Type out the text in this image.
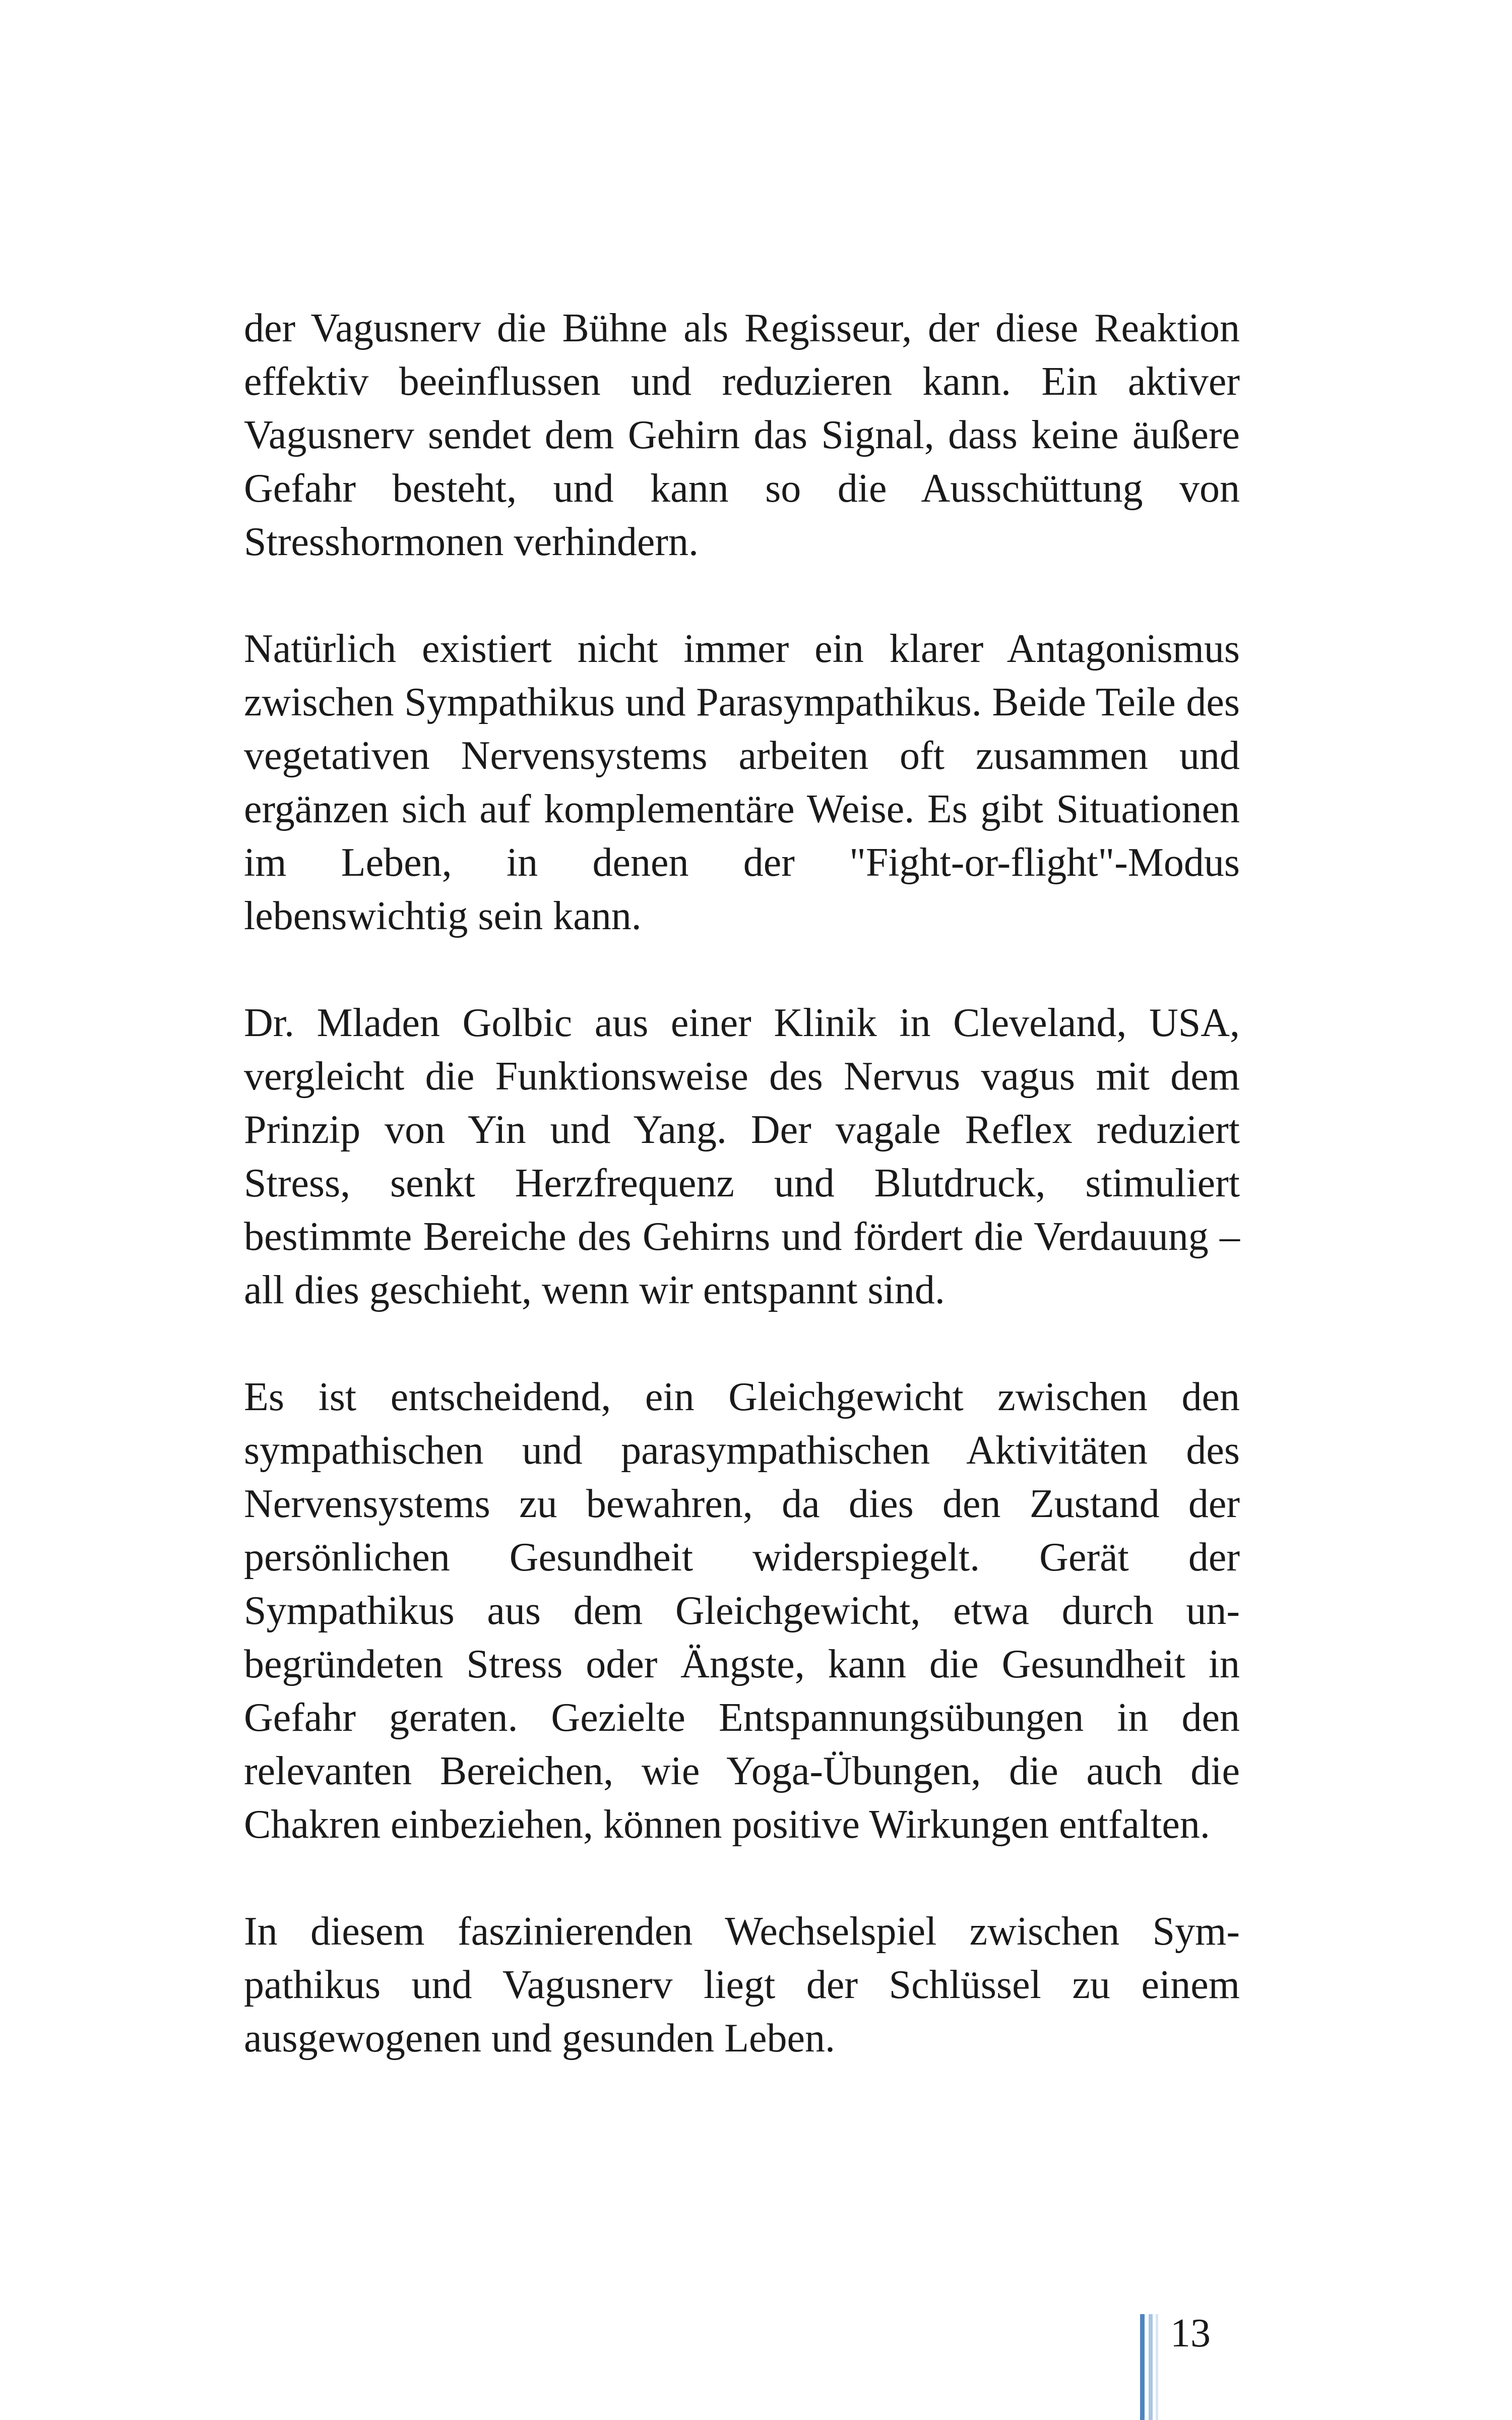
der Vagusnerv die Bühne als Regisseur, der diese Reaktion effektiv beeinflussen und reduzieren kann. Ein aktiver Vagusnerv sendet dem Gehirn das Signal, dass keine äußere Gefahr besteht, und kann so die Ausschüttung von Stresshormonen verhindern.

Natürlich existiert nicht immer ein klarer Antagonismus zwischen Sympathikus und Parasympathikus. Beide Teile des vegetativen Nervensystems arbeiten oft zusammen und ergänzen sich auf komplementäre Weise. Es gibt Situationen im Leben, in denen der "Fight-or-flight"-Modus lebenswichtig sein kann.

Dr. Mladen Golbic aus einer Klinik in Cleveland, USA, vergleicht die Funktionsweise des Nervus vagus mit dem Prinzip von Yin und Yang. Der vagale Reflex reduziert Stress, senkt Herzfrequenz und Blutdruck, stimuliert bestimmte Bereiche des Gehirns und fördert die Verdauung – all dies geschieht, wenn wir entspannt sind.

Es ist entscheidend, ein Gleichgewicht zwischen den sympathischen und parasympathischen Aktivitäten des Nervensystems zu bewahren, da dies den Zustand der persönlichen Gesundheit widerspiegelt. Gerät der Sympathikus aus dem Gleichgewicht, etwa durch unbegründeten Stress oder Ängste, kann die Gesundheit in Gefahr geraten. Gezielte Entspannungsübungen in den relevanten Bereichen, wie Yoga-Übungen, die auch die Chakren einbeziehen, können positive Wirkungen entfalten.

In diesem faszinierenden Wechselspiel zwischen Sympathikus und Vagusnerv liegt der Schlüssel zu einem ausgewogenen und gesunden Leben.

13
